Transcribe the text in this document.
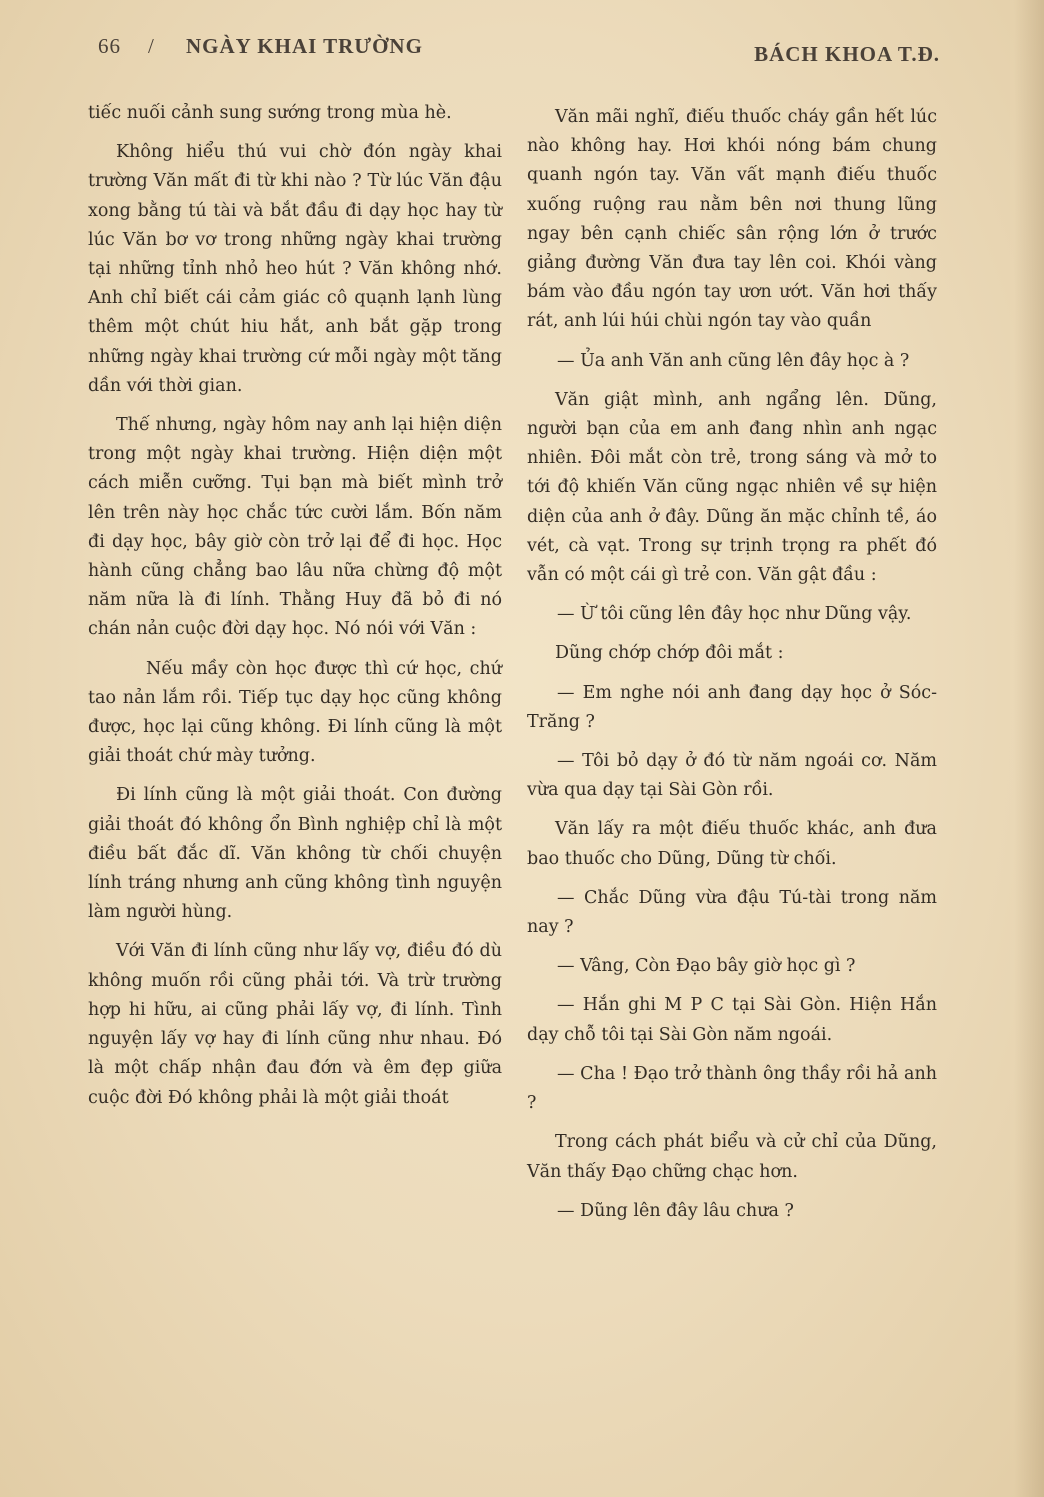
66 / NGÀY KHAI TRƯỜNG	BÁCH KHOA T.Đ.

tiếc nuối cảnh sung sướng trong mùa hè.

Không hiểu thú vui chờ đón ngày khai trường Văn mất đi từ khi nào ? Từ lúc Văn đậu xong bằng tú tài và bắt đầu đi dạy học hay từ lúc Văn bơ vơ trong những ngày khai trường tại những tỉnh nhỏ heo hút ? Văn không nhớ. Anh chỉ biết cái cảm giác cô quạnh lạnh lùng thêm một chút hiu hắt, anh bắt gặp trong những ngày khai trường cứ mỗi ngày một tăng dần với thời gian.

Thế nhưng, ngày hôm nay anh lại hiện diện trong một ngày khai trường. Hiện diện một cách miễn cưỡng. Tụi bạn mà biết mình trở lên trên này học chắc tức cười lắm. Bốn năm đi dạy học, bây giờ còn trở lại để đi học. Học hành cũng chẳng bao lâu nữa chừng độ một năm nữa là đi lính. Thằng Huy đã bỏ đi nó chán nản cuộc đời dạy học. Nó nói với Văn :

Nếu mầy còn học được thì cứ học, chứ tao nản lắm rồi. Tiếp tục dạy học cũng không được, học lại cũng không. Đi lính cũng là một giải thoát chứ mày tưởng.

Đi lính cũng là một giải thoát. Con đường giải thoát đó không ổn Bình nghiệp chỉ là một điều bất đắc dĩ. Văn không từ chối chuyện lính tráng nhưng anh cũng không tình nguyện làm người hùng.

Với Văn đi lính cũng như lấy vợ, điều đó dù không muốn rồi cũng phải tới. Và trừ trường hợp hi hữu, ai cũng phải lấy vợ, đi lính. Tình nguyện lấy vợ hay đi lính cũng như nhau. Đó là một chấp nhận đau đớn và êm đẹp giữa cuộc đời Đó không phải là một giải thoát

Văn mãi nghĩ, điếu thuốc cháy gần hết lúc nào không hay. Hơi khói nóng bám chung quanh ngón tay. Văn vất mạnh điếu thuốc xuống ruộng rau nằm bên nơi thung lũng ngay bên cạnh chiếc sân rộng lớn ở trước giảng đường Văn đưa tay lên coi. Khói vàng bám vào đầu ngón tay ươn ướt. Văn hơi thấy rát, anh lúi húi chùi ngón tay vào quần

— Ủa anh Văn anh cũng lên đây học à ?

Văn giật mình, anh ngẩng lên. Dũng, người bạn của em anh đang nhìn anh ngạc nhiên. Đôi mắt còn trẻ, trong sáng và mở to tới độ khiến Văn cũng ngạc nhiên về sự hiện diện của anh ở đây. Dũng ăn mặc chỉnh tề, áo vét, cà vạt. Trong sự trịnh trọng ra phết đó vẫn có một cái gì trẻ con. Văn gật đầu :

— Ừ tôi cũng lên đây học như Dũng vậy.

Dũng chớp chớp đôi mắt :

— Em nghe nói anh đang dạy học ở Sóc-Trăng ?

— Tôi bỏ dạy ở đó từ năm ngoái cơ. Năm vừa qua dạy tại Sài Gòn rồi.

Văn lấy ra một điếu thuốc khác, anh đưa bao thuốc cho Dũng, Dũng từ chối.

— Chắc Dũng vừa đậu Tú-tài trong năm nay ?

— Vâng, Còn Đạo bây giờ học gì ?

— Hắn ghi M P C tại Sài Gòn. Hiện Hắn dạy chỗ tôi tại Sài Gòn năm ngoái.

— Cha ! Đạo trở thành ông thầy rồi hả anh ?

Trong cách phát biểu và cử chỉ của Dũng, Văn thấy Đạo chững chạc hơn.

— Dũng lên đây lâu chưa ?
